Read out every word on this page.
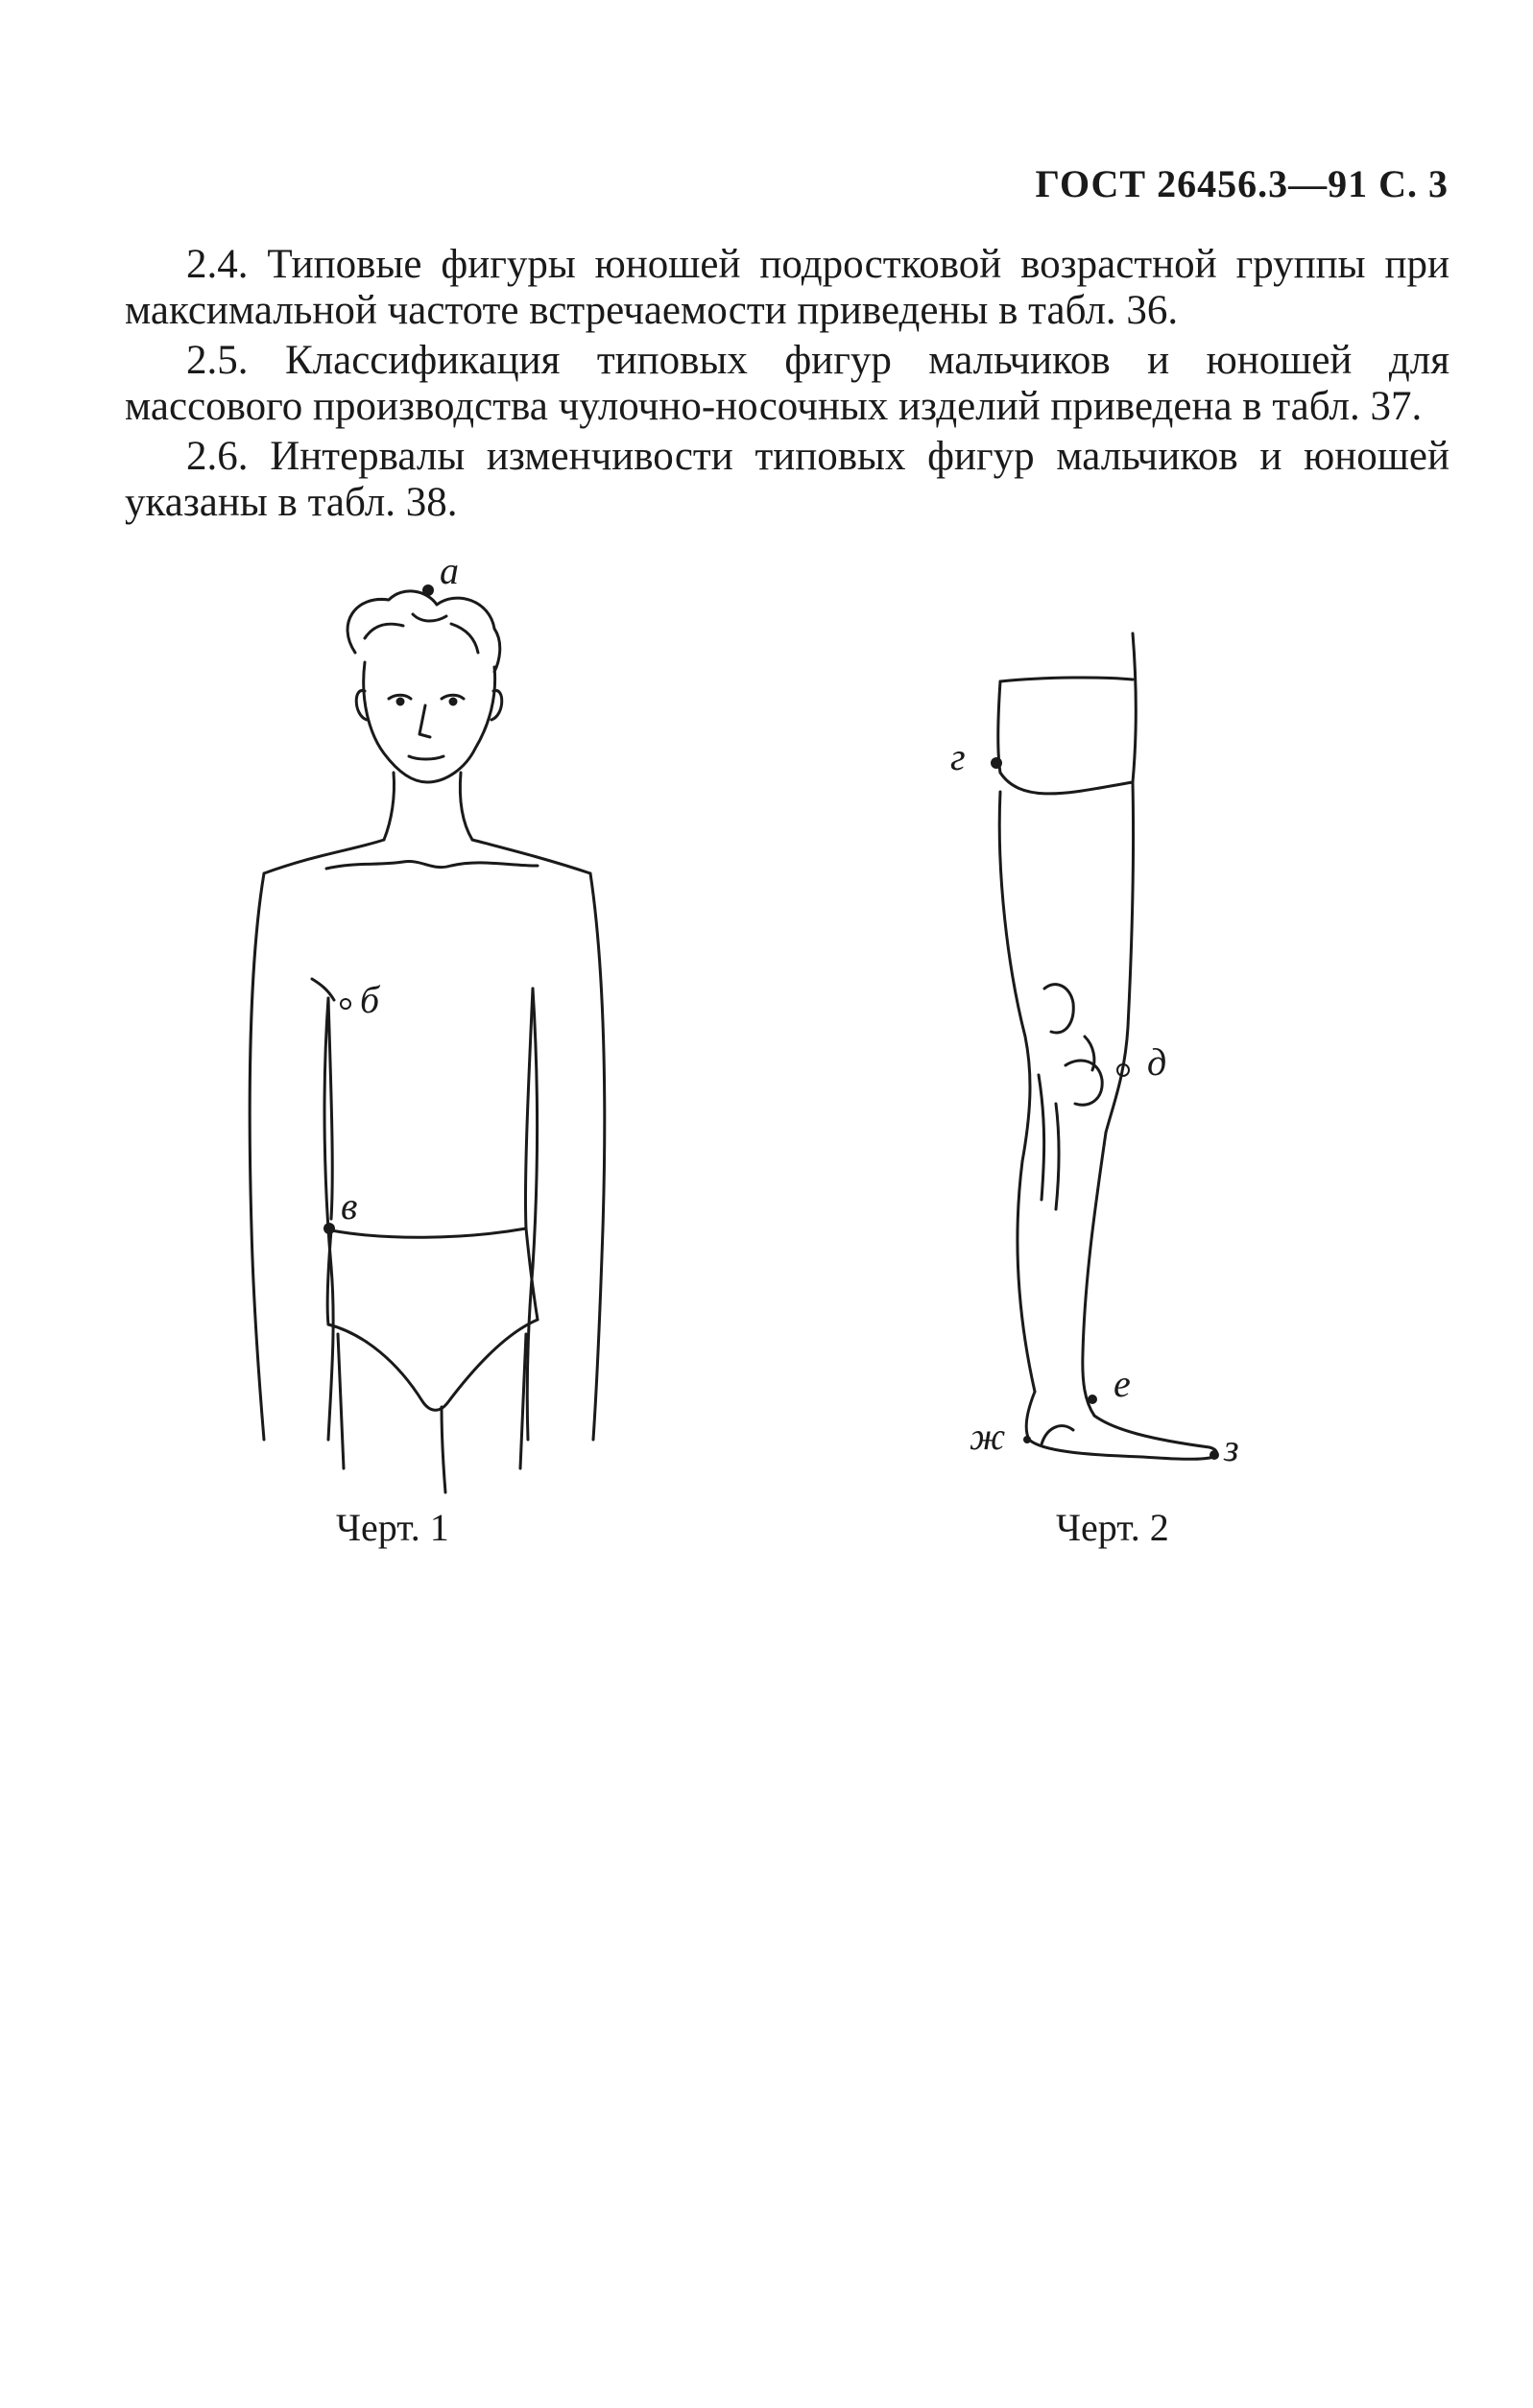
ГОСТ 26456.3—91 С. 3

2.4. Типовые фигуры юношей подростковой возрастной группы при максимальной частоте встречаемости приведены в табл. 36.

2.5. Классификация типовых фигур мальчиков и юношей для массового производства чулочно-носочных изделий приведена в табл. 37.

2.6. Интервалы изменчивости типовых фигур мальчиков и юношей указаны в табл. 38.

а
б
в
Черт. 1
г
д
е
ж	з
Черт. 2
